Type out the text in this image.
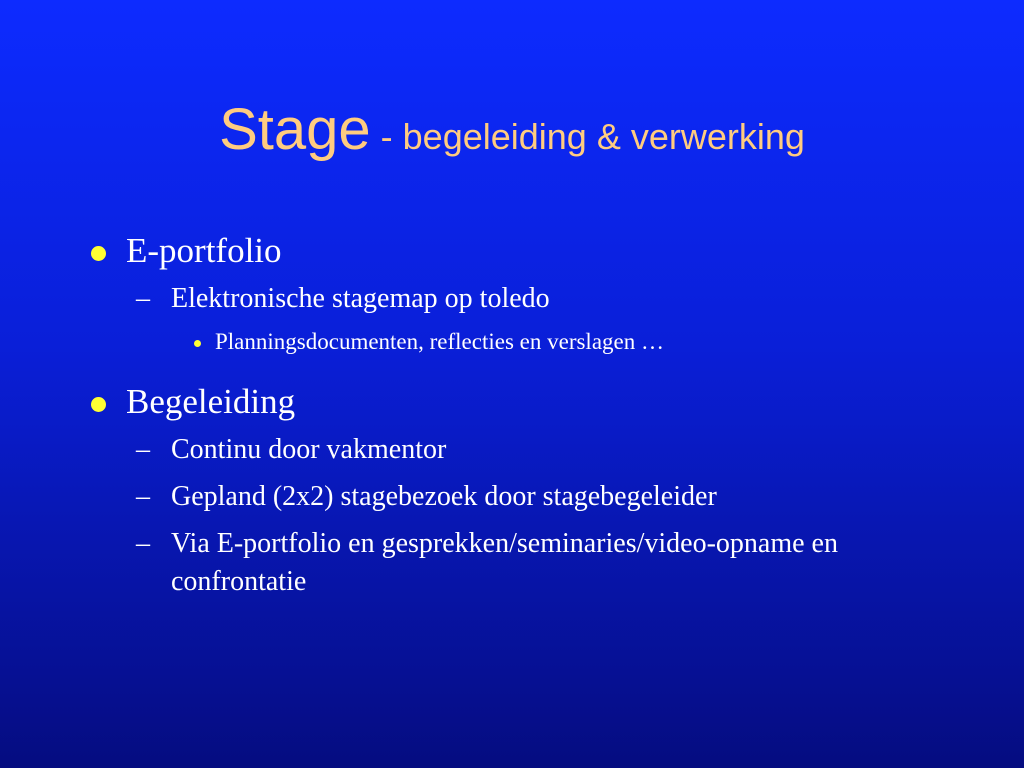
Stage - begeleiding & verwerking
E-portfolio
– Elektronische stagemap op toledo
Planningsdocumenten, reflecties en verslagen …
Begeleiding
– Continu door vakmentor
– Gepland (2x2) stagebezoek door stagebegeleider
– Via E-portfolio en gesprekken/seminaries/video-opname en confrontatie
